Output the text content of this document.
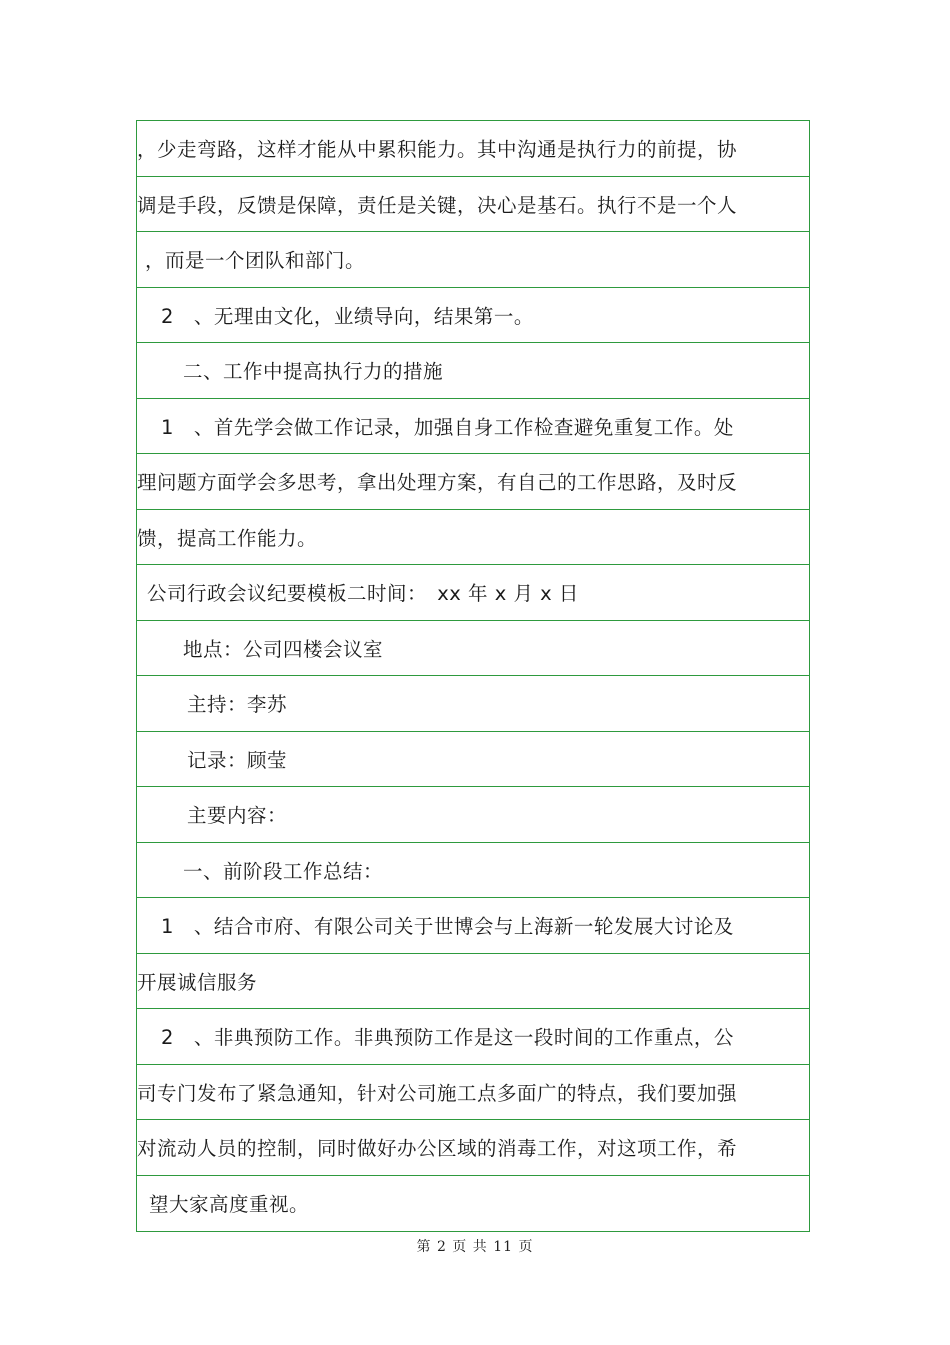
，少走弯路，这样才能从中累积能力。其中沟通是执行力的前提，协
调是手段，反馈是保障，责任是关键，决心是基石。执行不是一个人
，而是一个团队和部门。
2　、无理由文化，业绩导向，结果第一。
二、工作中提高执行力的措施
1　、首先学会做工作记录，加强自身工作检查避免重复工作。处
理问题方面学会多思考，拿出处理方案，有自己的工作思路，及时反
馈，提高工作能力。
公司行政会议纪要模板二时间：　xx 年 x 月 x 日
地点：公司四楼会议室
主持：李苏
记录：顾莹
主要内容：
一、前阶段工作总结：
1　、结合市府、有限公司关于世博会与上海新一轮发展大讨论及
开展诚信服务
2　、非典预防工作。非典预防工作是这一段时间的工作重点，公
司专门发布了紧急通知，针对公司施工点多面广的特点，我们要加强
对流动人员的控制，同时做好办公区域的消毒工作，对这项工作，希
望大家高度重视。
第 2 页 共 11 页
